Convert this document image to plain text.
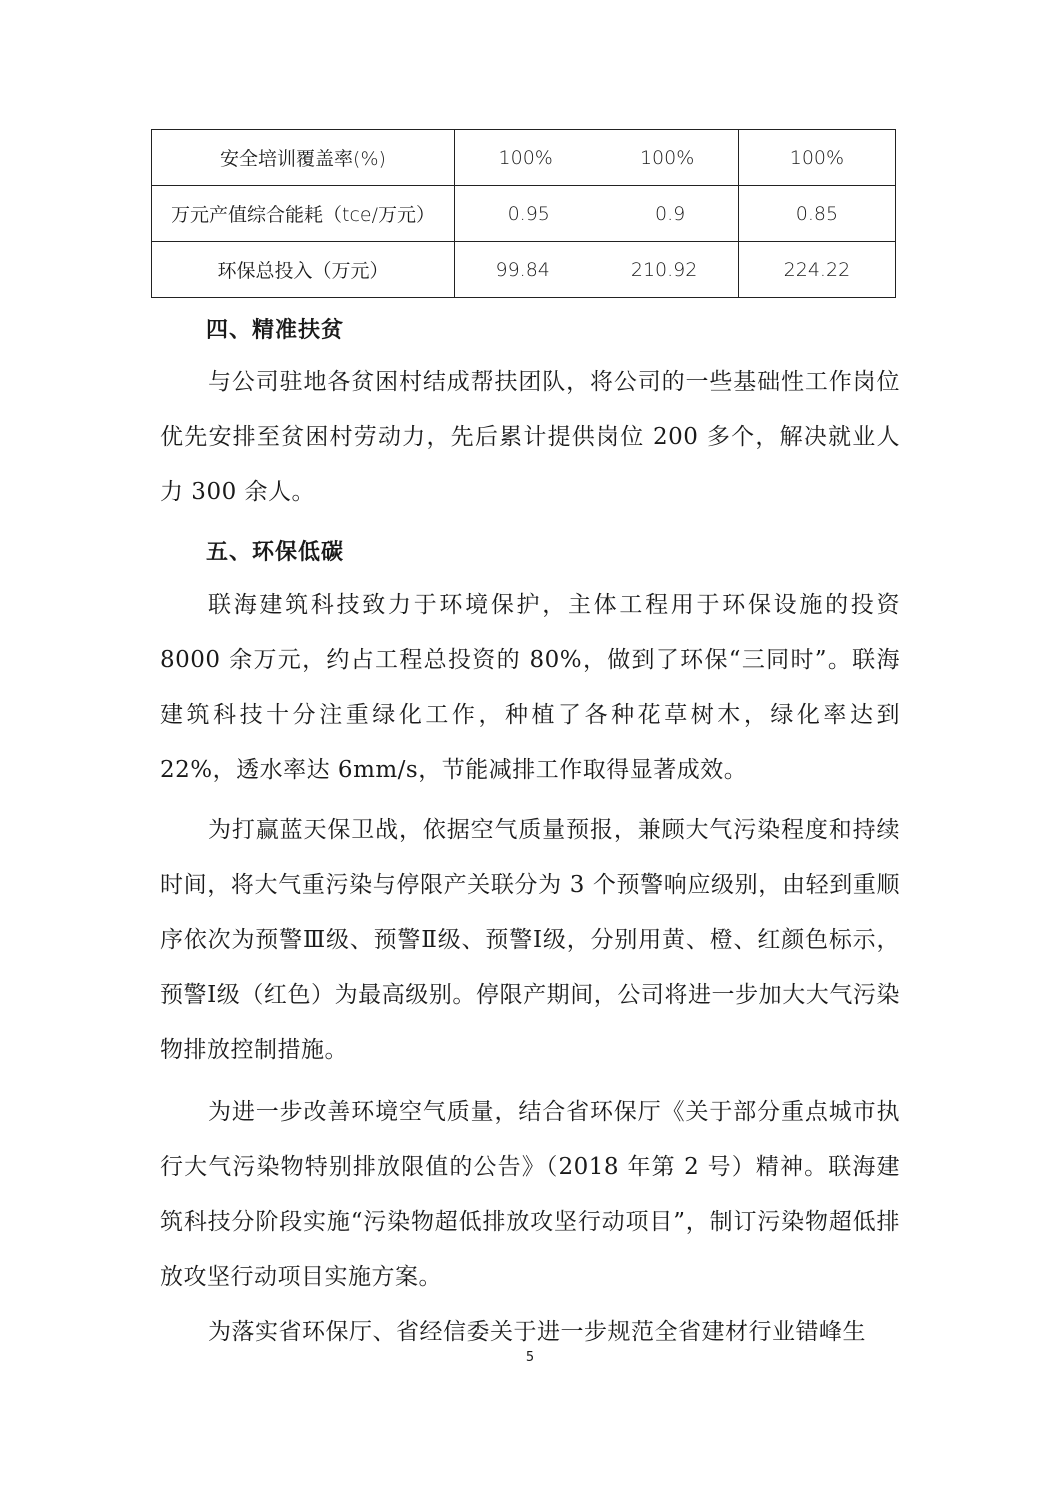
安全培训覆盖率(%)	100% 100%	100%
万元产值综合能耗（tce/万元）	0.95 0.9	0.85
环保总投入（万元）	99.84 210.92	224.22
四、精准扶贫
与公司驻地各贫困村结成帮扶团队，将公司的一些基础性工作岗位优先安排至贫困村劳动力，先后累计提供岗位 200 多个，解决就业人力 300 余人。
五、环保低碳
联海建筑科技致力于环境保护，主体工程用于环保设施的投资 8000 余万元，约占工程总投资的 80%，做到了环保“三同时”。联海建筑科技十分注重绿化工作，种植了各种花草树木，绿化率达到 22%，透水率达 6mm/s，节能减排工作取得显著成效。
为打赢蓝天保卫战，依据空气质量预报，兼顾大气污染程度和持续时间，将大气重污染与停限产关联分为 3 个预警响应级别，由轻到重顺序依次为预警Ⅲ级、预警Ⅱ级、预警Ⅰ级，分别用黄、橙、红颜色标示，预警Ⅰ级（红色）为最高级别。停限产期间，公司将进一步加大大气污染物排放控制措施。
为进一步改善环境空气质量，结合省环保厅《关于部分重点城市执行大气污染物特别排放限值的公告》（2018 年第 2 号）精神。联海建筑科技分阶段实施“污染物超低排放攻坚行动项目”，制订污染物超低排放攻坚行动项目实施方案。
为落实省环保厅、省经信委关于进一步规范全省建材行业错峰生
5
